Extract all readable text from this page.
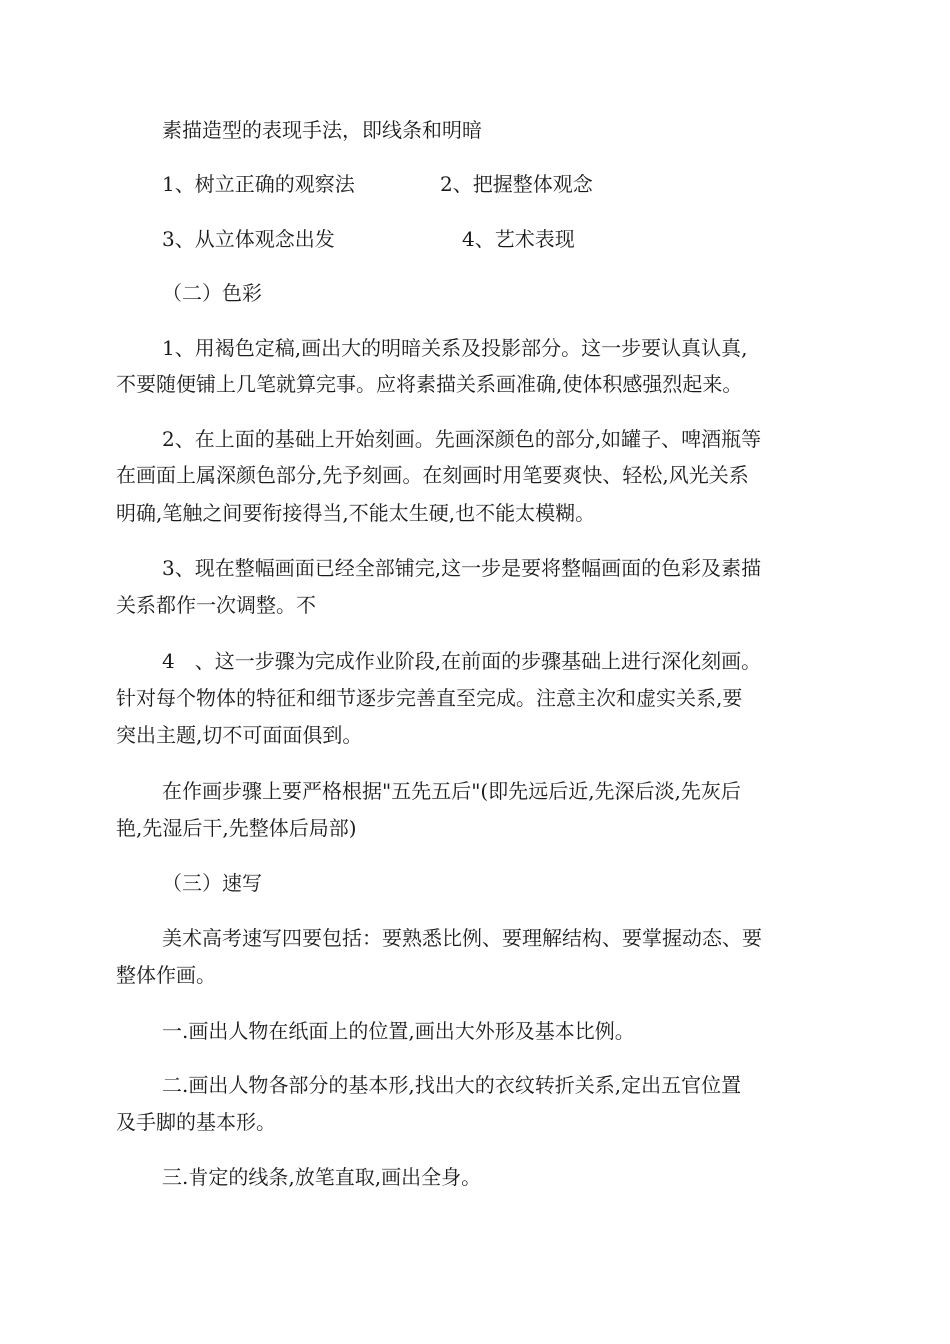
素描造型的表现手法，即线条和明暗
1、树立正确的观察法	2、把握整体观念
3、从立体观念出发	4、艺术表现
（二）色彩
1、用褐色定稿,画出大的明暗关系及投影部分。这一步要认真认真,
不要随便铺上几笔就算完事。应将素描关系画准确,使体积感强烈起来。
2、在上面的基础上开始刻画。先画深颜色的部分,如罐子、啤酒瓶等
在画面上属深颜色部分,先予刻画。在刻画时用笔要爽快、轻松,风光关系
明确,笔触之间要衔接得当,不能太生硬,也不能太模糊。
3、现在整幅画面已经全部铺完,这一步是要将整幅画面的色彩及素描
关系都作一次调整。不
4　、这一步骤为完成作业阶段,在前面的步骤基础上进行深化刻画。
针对每个物体的特征和细节逐步完善直至完成。注意主次和虚实关系,要
突出主题,切不可面面俱到。
在作画步骤上要严格根据"五先五后"(即先远后近,先深后淡,先灰后
艳,先湿后干,先整体后局部)
（三）速写
美术高考速写四要包括：要熟悉比例、要理解结构、要掌握动态、要
整体作画。
一.画出人物在纸面上的位置,画出大外形及基本比例。
二.画出人物各部分的基本形,找出大的衣纹转折关系,定出五官位置
及手脚的基本形。
三.肯定的线条,放笔直取,画出全身。
